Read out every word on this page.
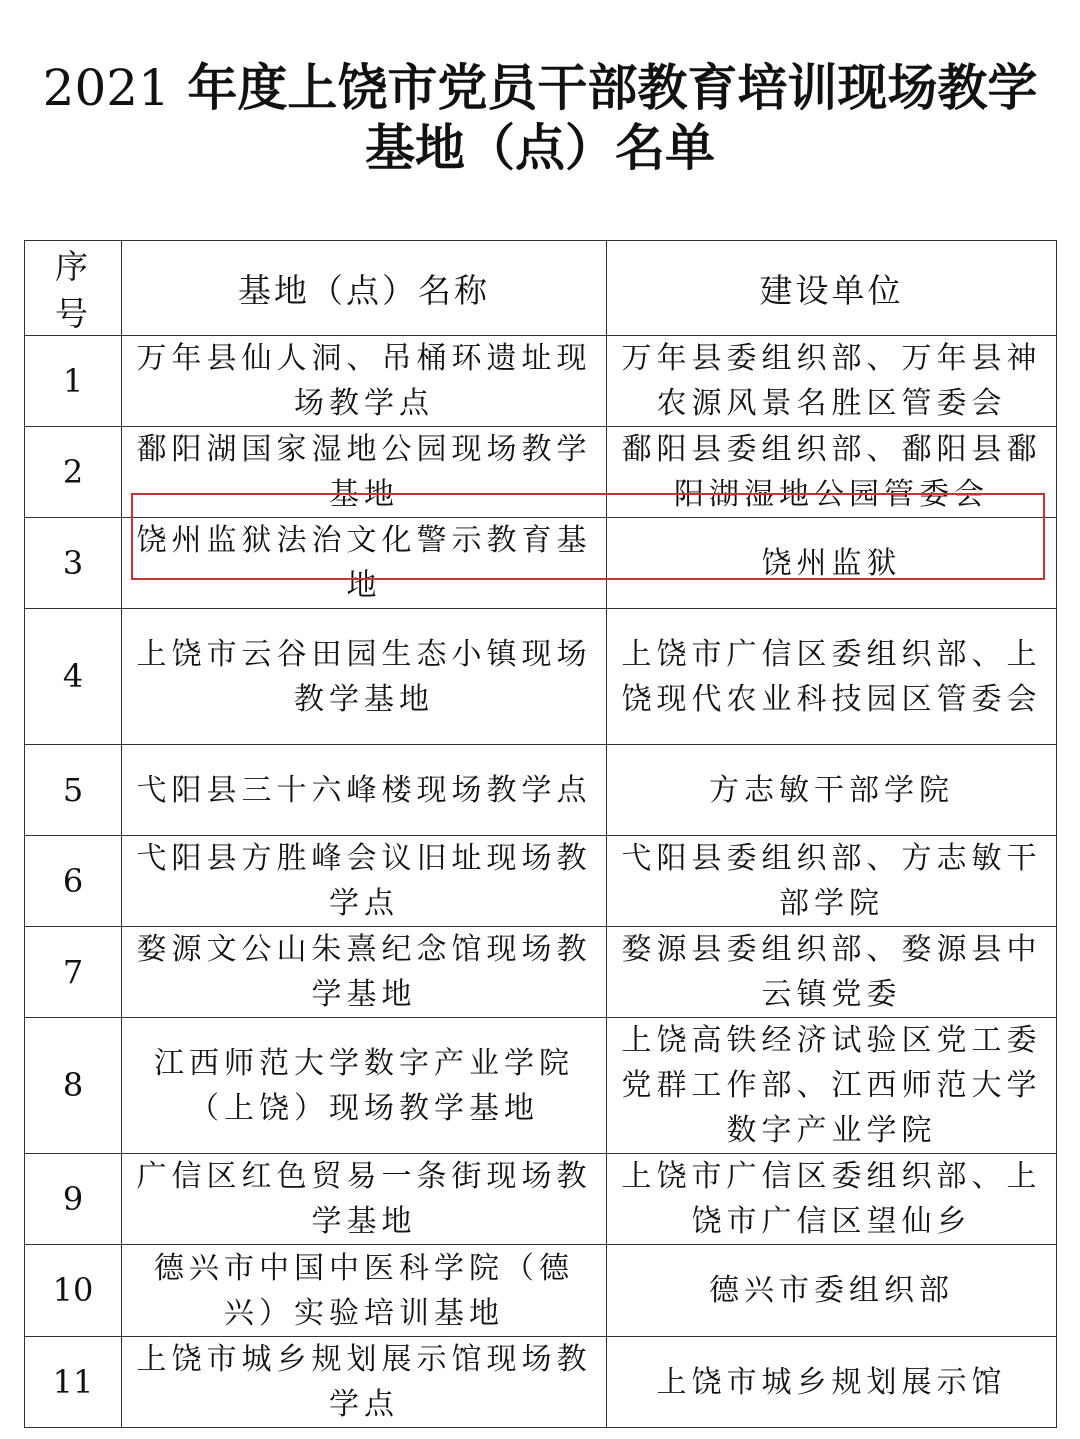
2021 年度上饶市党员干部教育培训现场教学
基地（点）名单
序号	基地（点）名称	建设单位
1	万年县仙人洞、吊桶环遗址现场教学点	万年县委组织部、万年县神农源风景名胜区管委会
2	鄱阳湖国家湿地公园现场教学基地	鄱阳县委组织部、鄱阳县鄱阳湖湿地公园管委会
3	饶州监狱法治文化警示教育基地	饶州监狱
4	上饶市云谷田园生态小镇现场教学基地	上饶市广信区委组织部、上饶现代农业科技园区管委会
5	弋阳县三十六峰楼现场教学点	方志敏干部学院
6	弋阳县方胜峰会议旧址现场教学点	弋阳县委组织部、方志敏干部学院
7	婺源文公山朱熹纪念馆现场教学基地	婺源县委组织部、婺源县中云镇党委
8	江西师范大学数字产业学院（上饶）现场教学基地	上饶高铁经济试验区党工委党群工作部、江西师范大学数字产业学院
9	广信区红色贸易一条街现场教学基地	上饶市广信区委组织部、上饶市广信区望仙乡
10	德兴市中国中医科学院（德兴）实验培训基地	德兴市委组织部
11	上饶市城乡规划展示馆现场教学点	上饶市城乡规划展示馆
